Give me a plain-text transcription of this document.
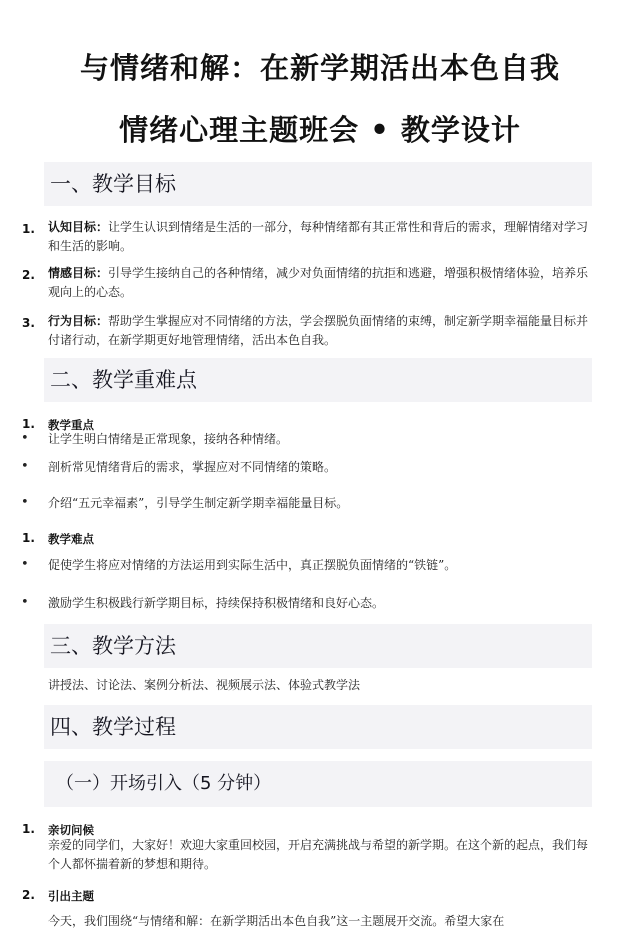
与情绪和解：在新学期活出本色自我
情绪心理主题班会 • 教学设计
一、教学目标
1. 认知目标：让学生认识到情绪是生活的一部分，每种情绪都有其正常性和背后的需求，理解情绪对学习和生活的影响。
2. 情感目标：引导学生接纳自己的各种情绪，减少对负面情绪的抗拒和逃避，增强积极情绪体验，培养乐观向上的心态。
3. 行为目标：帮助学生掌握应对不同情绪的方法，学会摆脱负面情绪的束缚，制定新学期幸福能量目标并付诸行动，在新学期更好地管理情绪，活出本色自我。
二、教学重难点
1. 教学重点
• 让学生明白情绪是正常现象，接纳各种情绪。
• 剖析常见情绪背后的需求，掌握应对不同情绪的策略。
• 介绍“五元幸福素”，引导学生制定新学期幸福能量目标。
1. 教学难点
• 促使学生将应对情绪的方法运用到实际生活中，真正摆脱负面情绪的“铁链”。
• 激励学生积极践行新学期目标，持续保持积极情绪和良好心态。
三、教学方法
讲授法、讨论法、案例分析法、视频展示法、体验式教学法
四、教学过程
（一）开场引入（5 分钟）
1. 亲切问候
亲爱的同学们，大家好！欢迎大家重回校园，开启充满挑战与希望的新学期。在这个新的起点，我们每个人都怀揣着新的梦想和期待。
2. 引出主题
今天，我们围绕“与情绪和解：在新学期活出本色自我”这一主题展开交流。希望大家在
